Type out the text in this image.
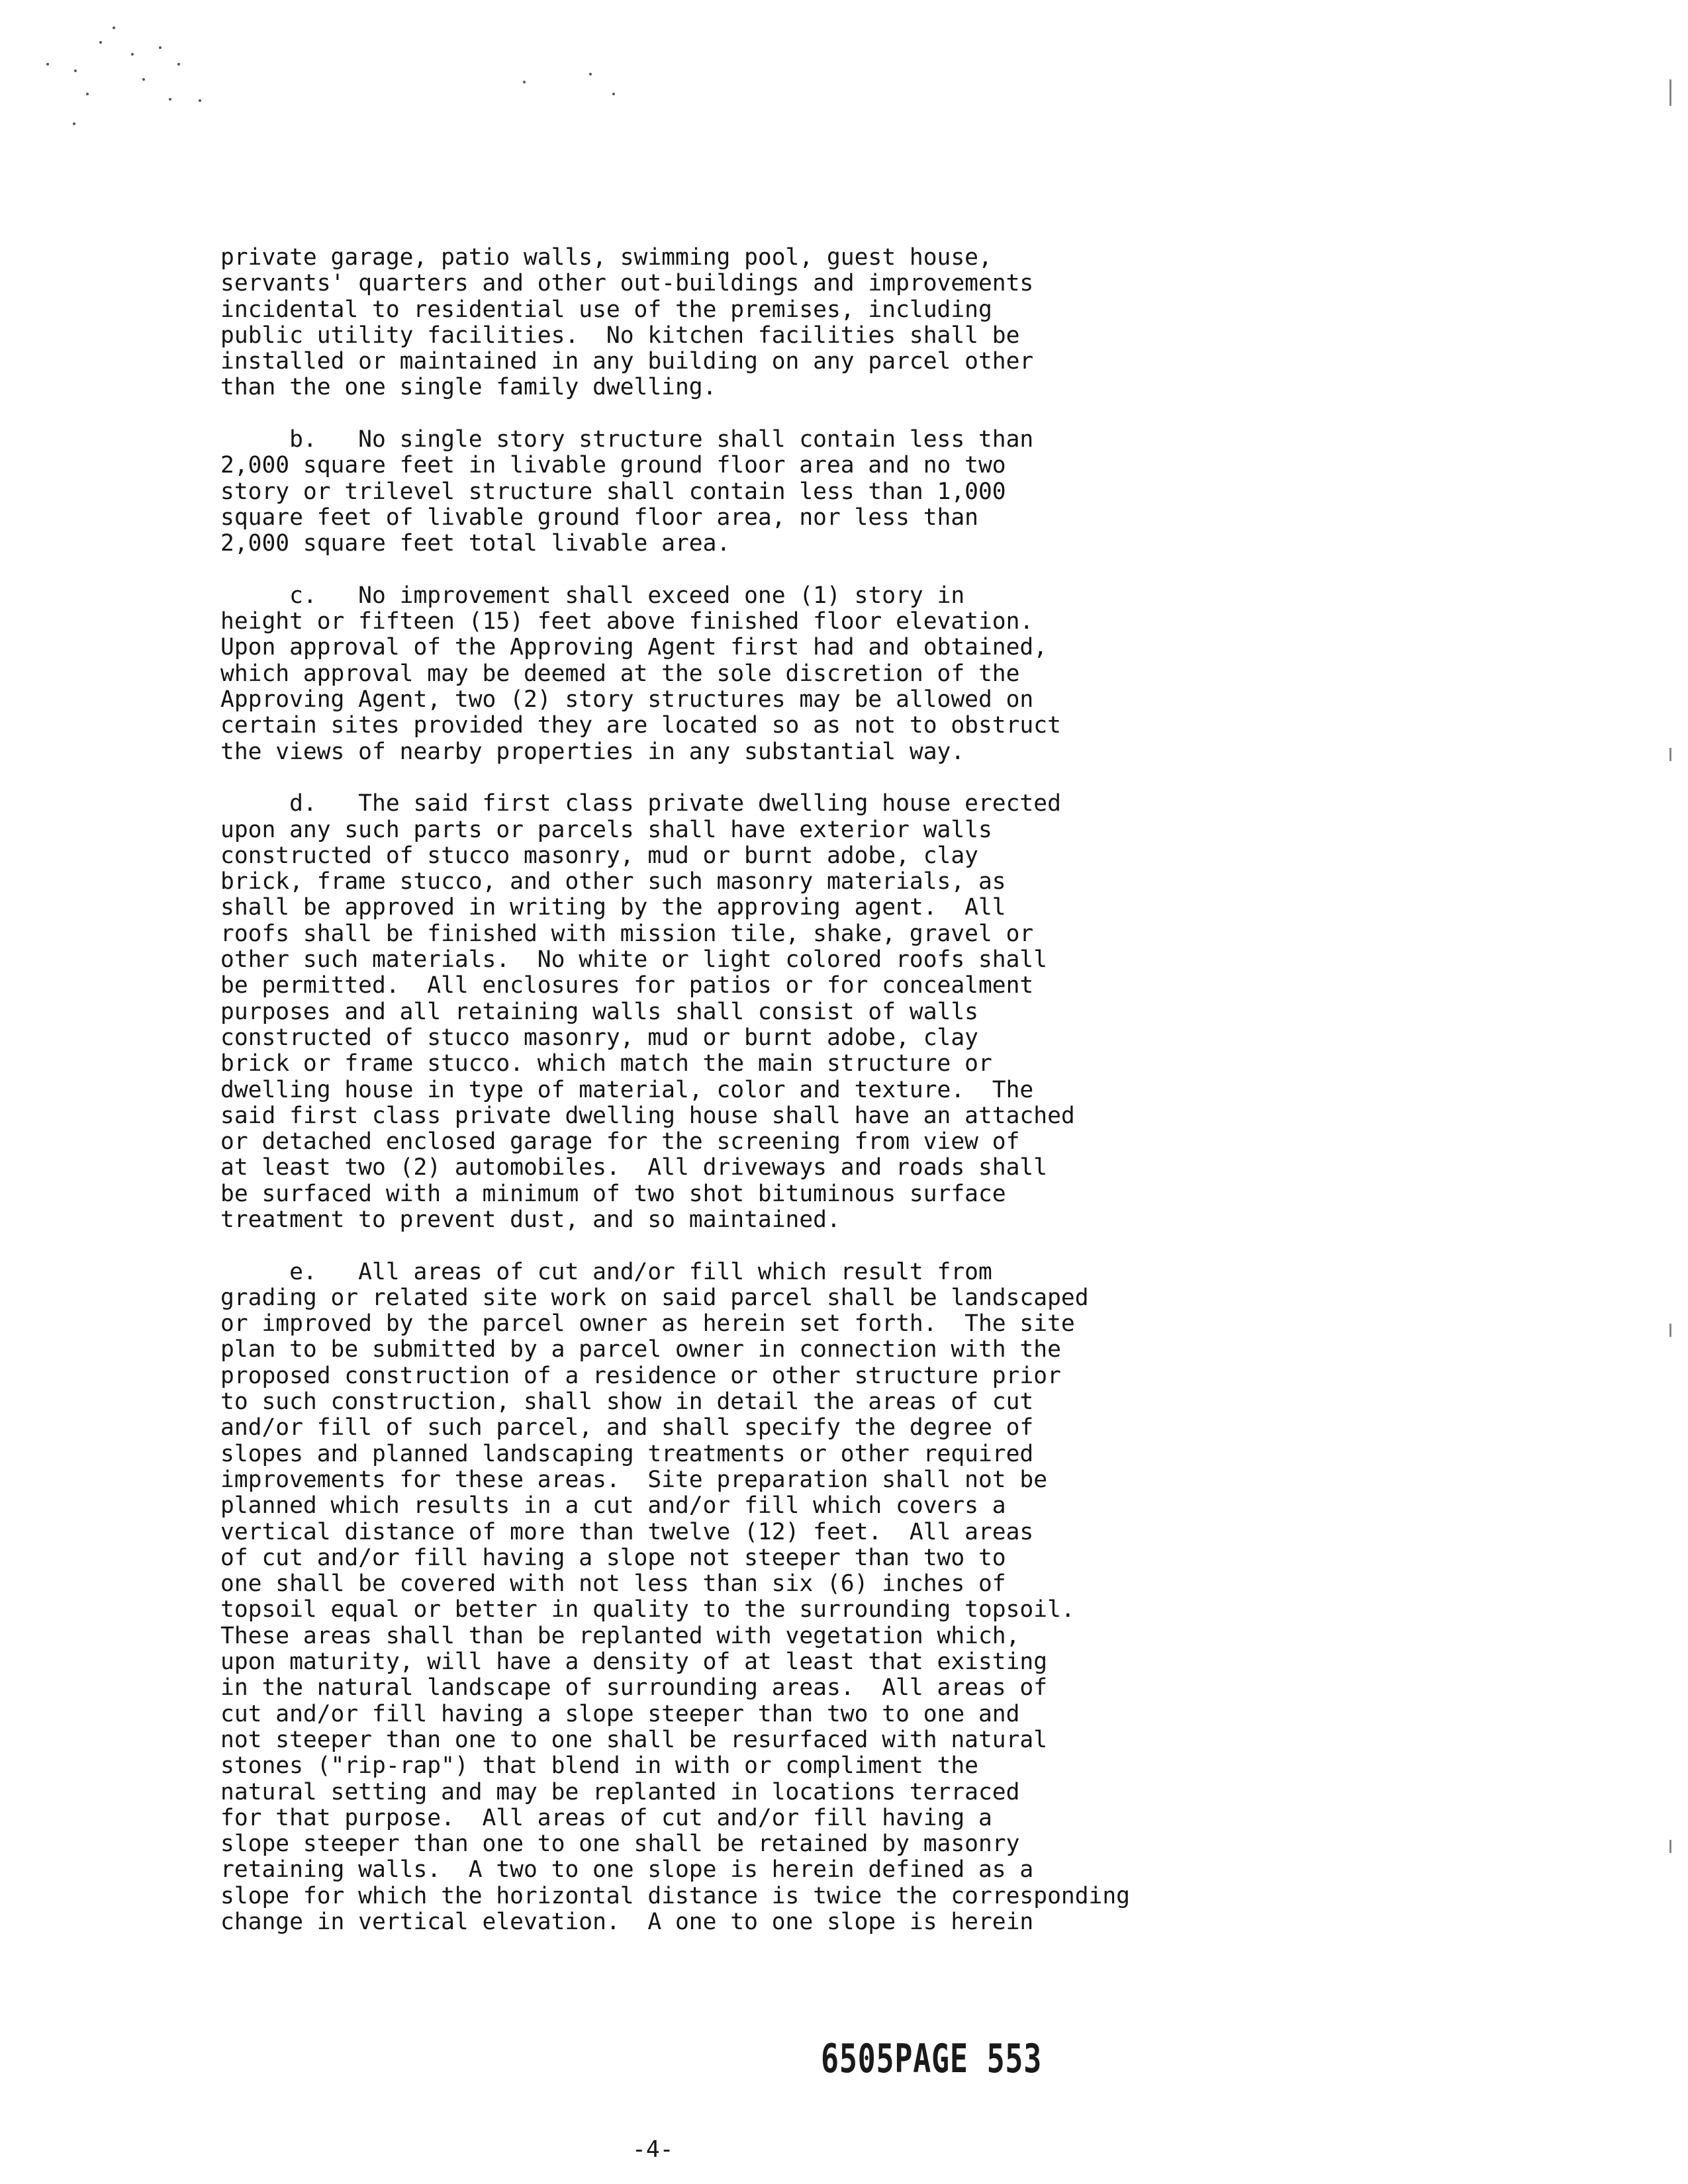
private garage, patio walls, swimming pool, guest house,
servants' quarters and other out-buildings and improvements
incidental to residential use of the premises, including
public utility facilities.  No kitchen facilities shall be
installed or maintained in any building on any parcel other
than the one single family dwelling.
b.   No single story structure shall contain less than
2,000 square feet in livable ground floor area and no two
story or trilevel structure shall contain less than 1,000
square feet of livable ground floor area, nor less than
2,000 square feet total livable area.
c.   No improvement shall exceed one (1) story in
height or fifteen (15) feet above finished floor elevation.
Upon approval of the Approving Agent first had and obtained,
which approval may be deemed at the sole discretion of the
Approving Agent, two (2) story structures may be allowed on
certain sites provided they are located so as not to obstruct
the views of nearby properties in any substantial way.
d.   The said first class private dwelling house erected
upon any such parts or parcels shall have exterior walls
constructed of stucco masonry, mud or burnt adobe, clay
brick, frame stucco, and other such masonry materials, as
shall be approved in writing by the approving agent.  All
roofs shall be finished with mission tile, shake, gravel or
other such materials.  No white or light colored roofs shall
be permitted.  All enclosures for patios or for concealment
purposes and all retaining walls shall consist of walls
constructed of stucco masonry, mud or burnt adobe, clay
brick or frame stucco. which match the main structure or
dwelling house in type of material, color and texture.  The
said first class private dwelling house shall have an attached
or detached enclosed garage for the screening from view of
at least two (2) automobiles.  All driveways and roads shall
be surfaced with a minimum of two shot bituminous surface
treatment to prevent dust, and so maintained.
e.   All areas of cut and/or fill which result from
grading or related site work on said parcel shall be landscaped
or improved by the parcel owner as herein set forth.  The site
plan to be submitted by a parcel owner in connection with the
proposed construction of a residence or other structure prior
to such construction, shall show in detail the areas of cut
and/or fill of such parcel, and shall specify the degree of
slopes and planned landscaping treatments or other required
improvements for these areas.  Site preparation shall not be
planned which results in a cut and/or fill which covers a
vertical distance of more than twelve (12) feet.  All areas
of cut and/or fill having a slope not steeper than two to
one shall be covered with not less than six (6) inches of
topsoil equal or better in quality to the surrounding topsoil.
These areas shall than be replanted with vegetation which,
upon maturity, will have a density of at least that existing
in the natural landscape of surrounding areas.  All areas of
cut and/or fill having a slope steeper than two to one and
not steeper than one to one shall be resurfaced with natural
stones ("rip-rap") that blend in with or compliment the
natural setting and may be replanted in locations terraced
for that purpose.  All areas of cut and/or fill having a
slope steeper than one to one shall be retained by masonry
retaining walls.  A two to one slope is herein defined as a
slope for which the horizontal distance is twice the corresponding
change in vertical elevation.  A one to one slope is herein
6505PAGE 553
-4-
